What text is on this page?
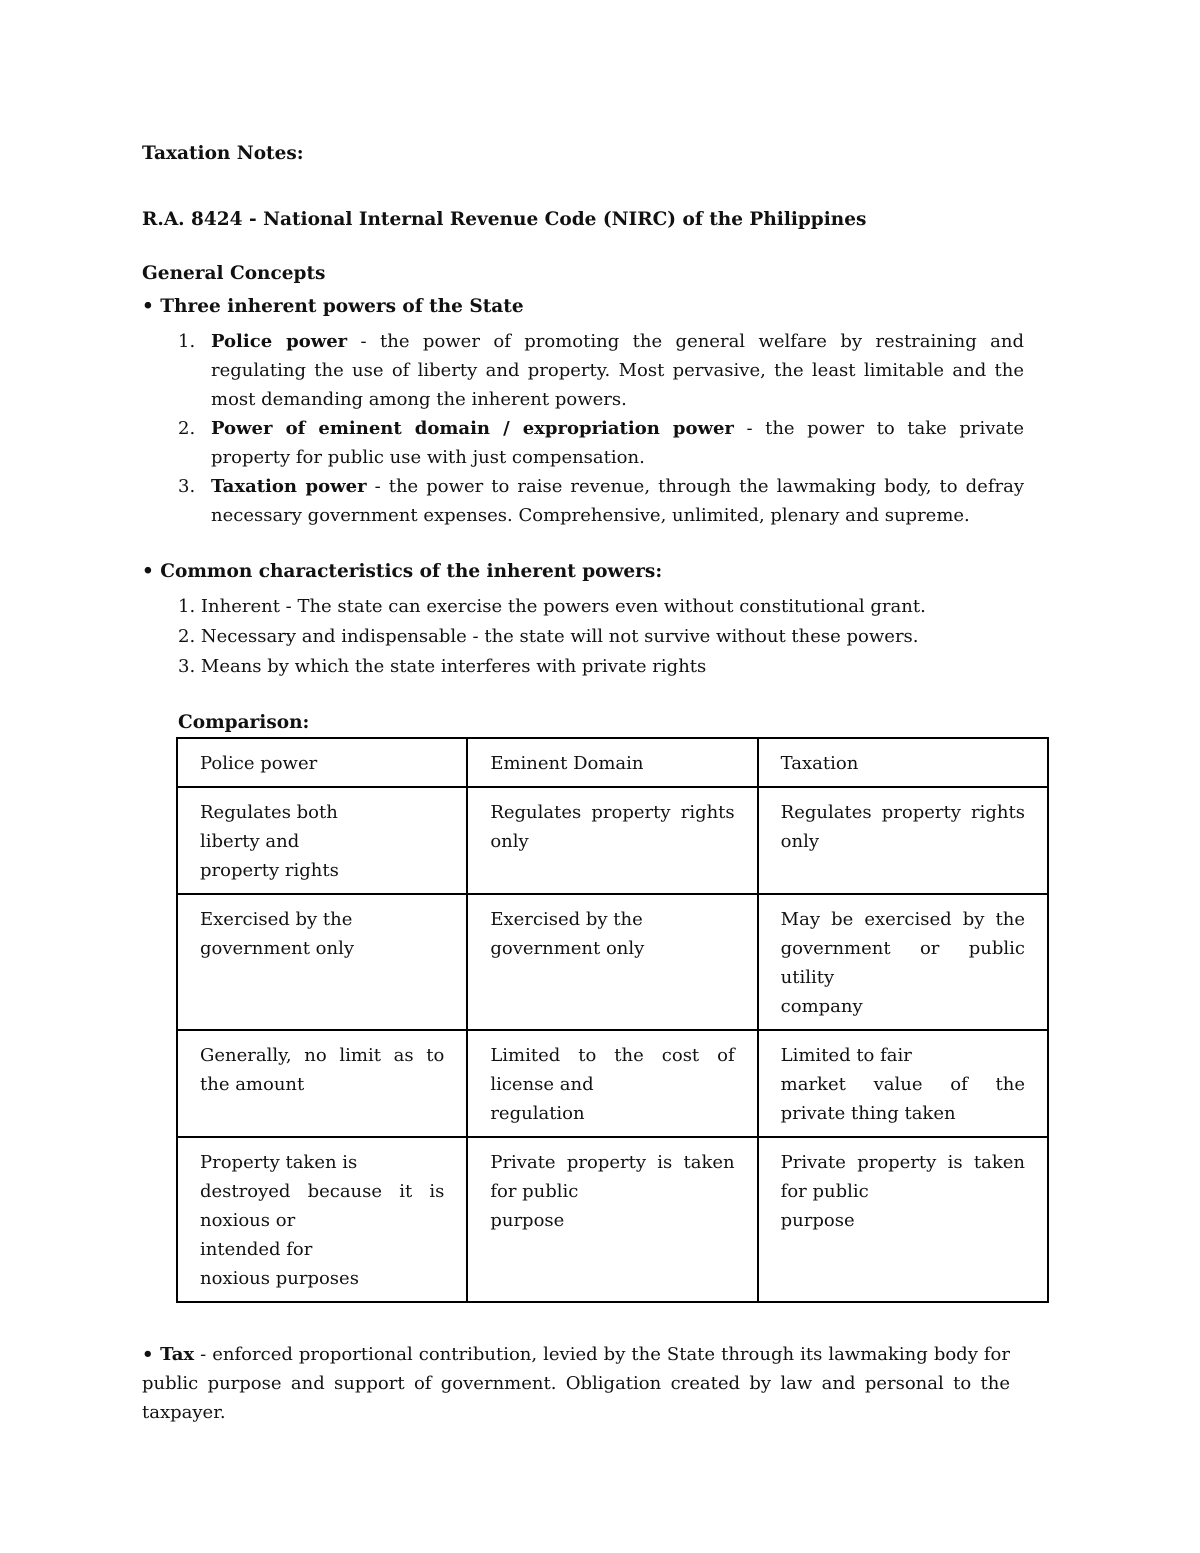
Taxation Notes:
R.A. 8424 - National Internal Revenue Code (NIRC) of the Philippines
General Concepts
• Three inherent powers of the State
1. Police power - the power of promoting the general welfare by restraining and regulating the use of liberty and property. Most pervasive, the least limitable and the most demanding among the inherent powers.
2. Power of eminent domain / expropriation power - the power to take private property for public use with just compensation.
3. Taxation power - the power to raise revenue, through the lawmaking body, to defray necessary government expenses. Comprehensive, unlimited, plenary and supreme.
• Common characteristics of the inherent powers:
1. Inherent - The state can exercise the powers even without constitutional grant.
2. Necessary and indispensable - the state will not survive without these powers.
3. Means by which the state interferes with private rights
Comparison:
Police power	Eminent Domain	Taxation

Regulates both
liberty and
property rights	Regulates property rights only	Regulates property rights only

Exercised by the
government only	Exercised by the
government only	May be exercised by the government or public utility
company

Generally, no limit as to the amount	Limited to the cost of license and
regulation	Limited to fair
market value of the private thing taken

Property taken is
destroyed because it is noxious or
intended for
noxious purposes	Private property is taken for public
purpose	Private property is taken for public
purpose
• Tax - enforced proportional contribution, levied by the State through its lawmaking body for public purpose and support of government. Obligation created by law and personal to the taxpayer.
